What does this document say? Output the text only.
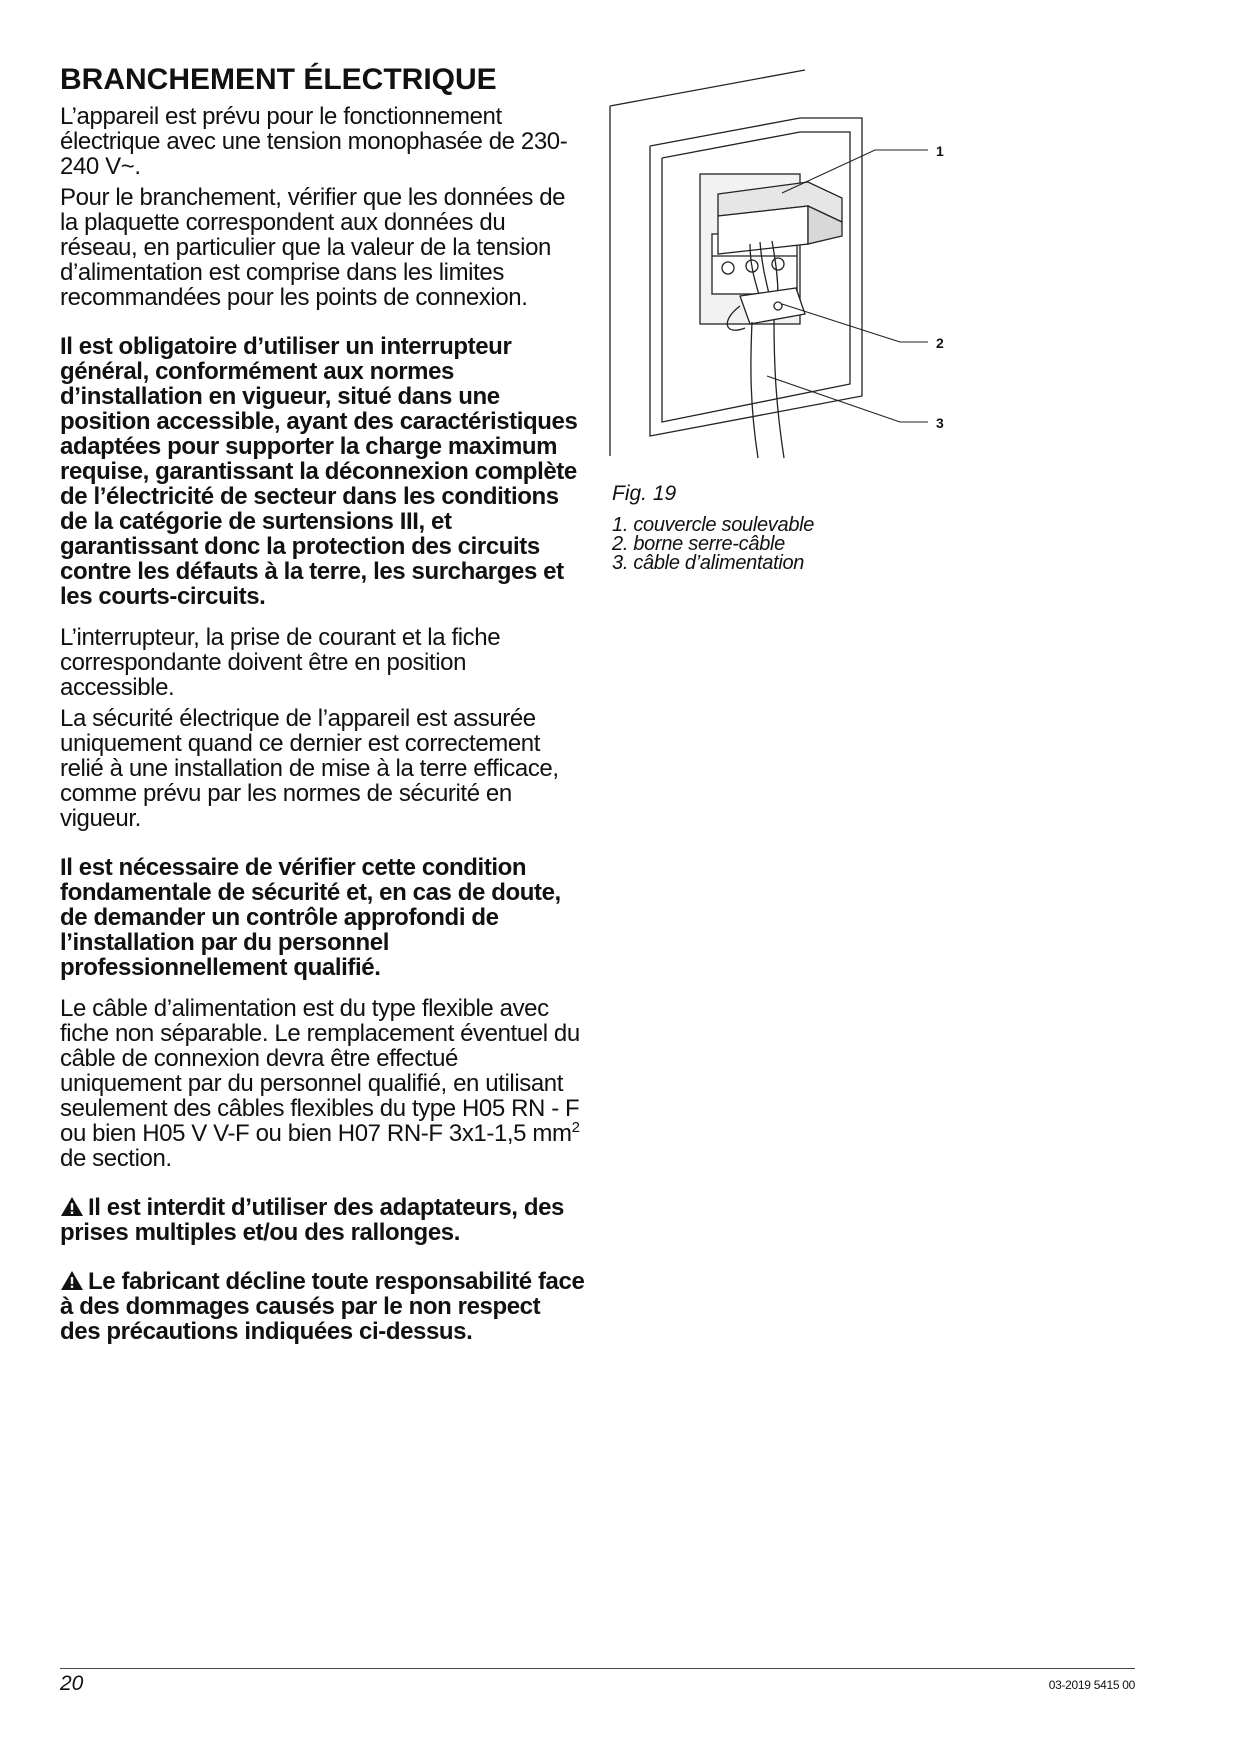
BRANCHEMENT ÉLECTRIQUE

L’appareil est prévu pour le fonctionnement électrique avec une tension monophasée de 230-240 V~.

Pour le branchement, vérifier que les données de la plaquette correspondent aux données du réseau, en particulier que la valeur de la tension d’alimentation est comprise dans les limites recommandées pour les points de connexion.

Il est obligatoire d’utiliser un interrupteur général, conformément aux normes d’installation en vigueur, situé dans une position accessible, ayant des caractéristiques adaptées pour supporter la charge maximum requise, garantissant la déconnexion complète de l’électricité de secteur dans les conditions de la catégorie de surtensions III, et garantissant donc la protection des circuits contre les défauts à la terre, les surcharges et les courts-circuits.

L’interrupteur, la prise de courant et la fiche correspondante doivent être en position accessible.

La sécurité électrique de l’appareil est assurée uniquement quand ce dernier est correctement relié à une installation de mise à la terre efficace, comme prévu par les normes de sécurité en vigueur.

Il est nécessaire de vérifier cette condition fondamentale de sécurité et, en cas de doute, de demander un contrôle approfondi de l’installation par du personnel professionnellement qualifié.

Le câble d’alimentation est du type flexible avec fiche non séparable. Le remplacement éventuel du câble de connexion devra être effectué uniquement par du personnel qualifié, en utilisant seulement des câbles flexibles du type H05 RN - F ou bien H05 V V-F ou bien H07 RN-F 3x1-1,5 $mm^2$ de section.

Il est interdit d’utiliser des adaptateurs, des prises multiples et/ou des rallonges.

Le fabricant décline toute responsabilité face à des dommages causés par le non respect des précautions indiquées ci-dessus.

1
2
3
Fig. 19
1. couvercle soulevable
2. borne serre-câble
3. câble d’alimentation
20	03-2019 5415 00
